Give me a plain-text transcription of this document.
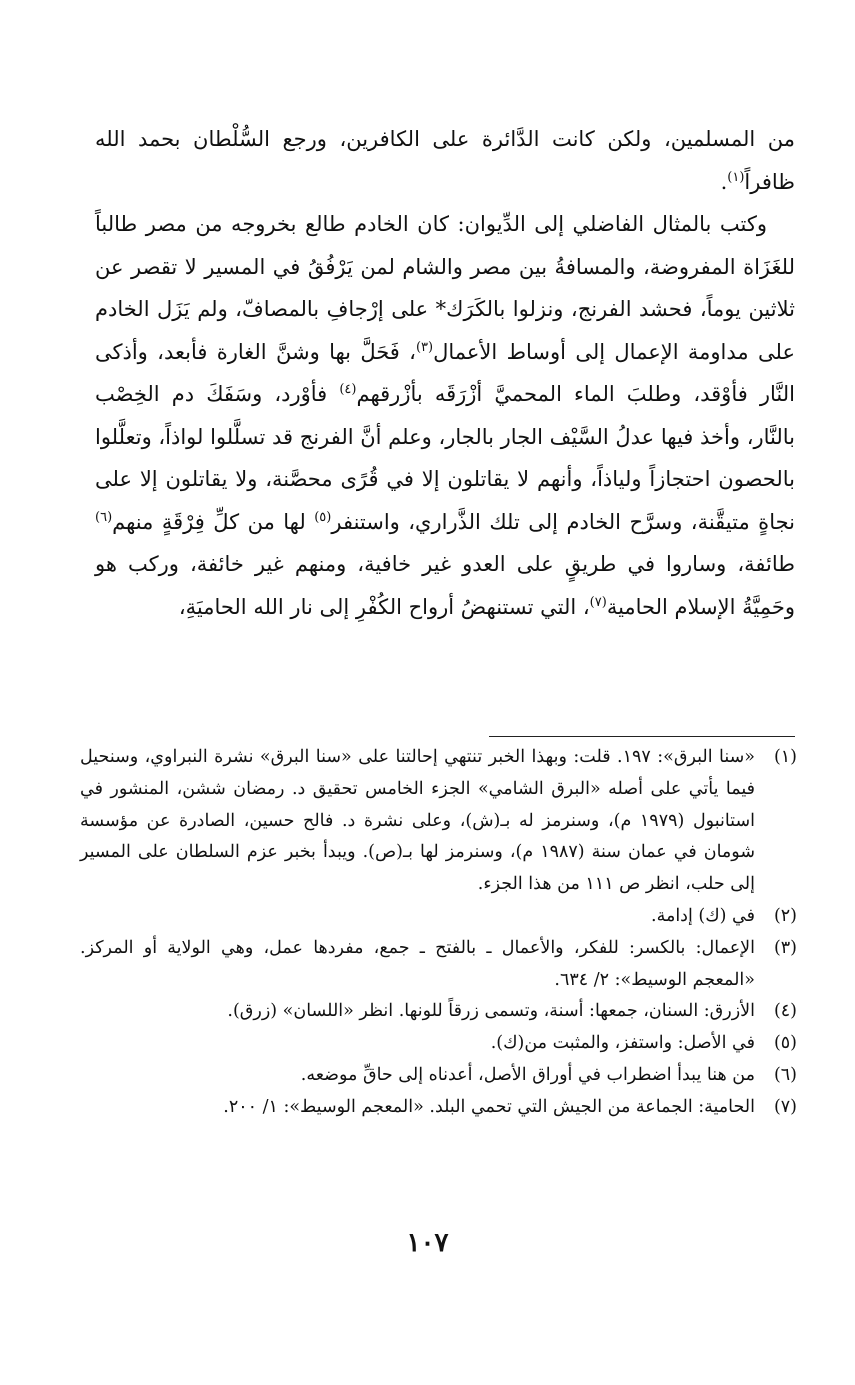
من المسلمين، ولكن كانت الدَّائرة على الكافرين، ورجع السُّلْطان بحمد الله ظافراً$^{(١)}$.

وكتب بالمثال الفاضلي إلى الدِّيوان: كان الخادم طالع بخروجه من مصر طالباً للغَزَاة المفروضة، والمسافةُ بين مصر والشام لمن يَرْفُقُ في المسير لا تقصر عن ثلاثين يوماً، فحشد الفرنج، ونزلوا بالكَرَك* على إرْجافِ بالمصافّ، ولم يَزَل الخادم على مداومة الإعمال إلى أوساط الأعمال$^{(٣)}$، فَحَلَّ بها وشنَّ الغارة فأبعد، وأذكى النَّار فأوْقد، وطلبَ الماء المحميَّ أزْرَقَه بأزْرقهم$^{(٤)}$ فأوْرد، وسَفَكَ دم الخِصْب بالنَّار، وأخذ فيها عدلُ السَّيْف الجار بالجار، وعلم أنَّ الفرنج قد تسلَّلوا لواذاً، وتعلَّلوا بالحصون احتجازاً ولياذاً، وأنهم لا يقاتلون إلا في قُرًى محصَّنة، ولا يقاتلون إلا على نجاةٍ متيقَّنة، وسرَّح الخادم إلى تلك الذَّراري، واستنفر$^{(٥)}$ لها من كلِّ فِرْقَةٍ منهم$^{(٦)}$ طائفة، وساروا في طريقٍ على العدو غير خافية، ومنهم غير خائفة، وركب هو وحَمِيَّةُ الإسلام الحامية$^{(٧)}$، التي تستنهضُ أرواح الكُفْرِ إلى نار الله الحاميَةِ،

(١)
«سنا البرق»: ١٩٧. قلت: وبهذا الخبر تنتهي إحالتنا على «سنا البرق» نشرة النبراوي، وسنحيل فيما يأتي على أصله «البرق الشامي» الجزء الخامس تحقيق د. رمضان ششن، المنشور في استانبول (١٩٧٩ م)، وسنرمز له بـ(ش)، وعلى نشرة د. فالح حسين، الصادرة عن مؤسسة شومان في عمان سنة (١٩٨٧ م)، وسنرمز لها بـ(ص). ويبدأ بخبر عزم السلطان على المسير إلى حلب، انظر ص ١١١ من هذا الجزء.
(٢)
في (ك) إدامة.
(٣)
الإعمال: بالكسر: للفكر، والأعمال ـ بالفتح ـ جمع، مفردها عمل، وهي الولاية أو المركز. «المعجم الوسيط»: ٢/ ٦٣٤.
(٤)
الأزرق: السنان، جمعها: أسنة، وتسمى زرقاً للونها. انظر «اللسان» (زرق).
(٥)
في الأصل: واستفز، والمثبت من(ك).
(٦)
من هنا يبدأ اضطراب في أوراق الأصل، أعدناه إلى حاقِّ موضعه.
(٧)
الحامية: الجماعة من الجيش التي تحمي البلد. «المعجم الوسيط»: ١/ ٢٠٠.
١٠٧
